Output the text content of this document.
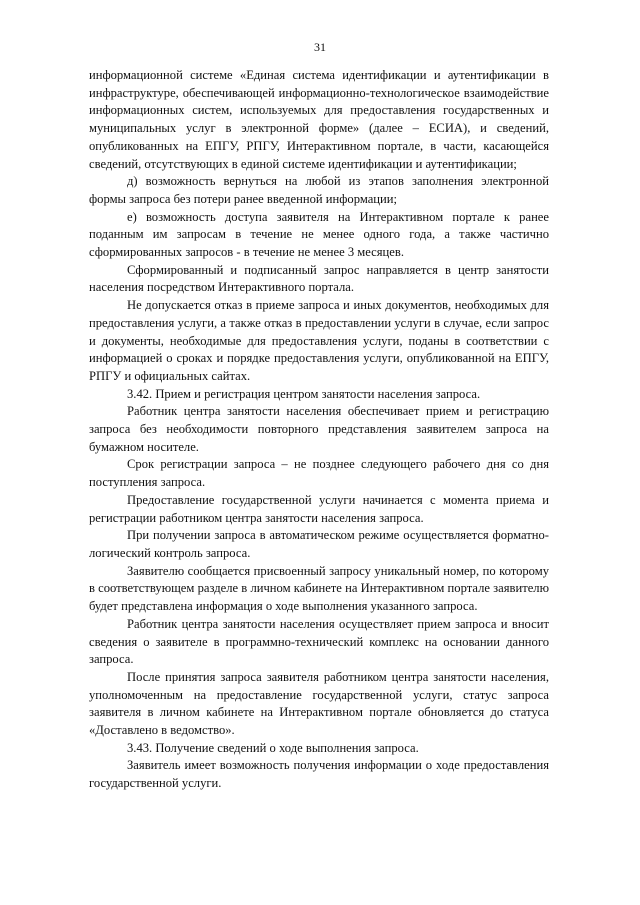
31

информационной системе «Единая система идентификации и аутентификации в инфраструктуре, обеспечивающей информационно-технологическое взаимодействие информационных систем, используемых для предоставления государственных и муниципальных услуг в электронной форме» (далее – ЕСИА), и сведений, опубликованных на ЕПГУ, РПГУ, Интерактивном портале, в части, касающейся сведений, отсутствующих в единой системе идентификации и аутентификации;

д) возможность вернуться на любой из этапов заполнения электронной формы запроса без потери ранее введенной информации;

е) возможность доступа заявителя на Интерактивном портале к ранее поданным им запросам в течение не менее одного года, а также частично сформированных запросов - в течение не менее 3 месяцев.

Сформированный и подписанный запрос направляется в центр занятости населения посредством Интерактивного портала.

Не допускается отказ в приеме запроса и иных документов, необходимых для предоставления услуги, а также отказ в предоставлении услуги в случае, если запрос и документы, необходимые для предоставления услуги, поданы в соответствии с информацией о сроках и порядке предоставления услуги, опубликованной на ЕПГУ, РПГУ и официальных сайтах.

3.42. Прием и регистрация центром занятости населения запроса.

Работник центра занятости населения обеспечивает прием и регистрацию запроса без необходимости повторного представления заявителем запроса на бумажном носителе.

Срок регистрации запроса – не позднее следующего рабочего дня со дня поступления запроса.

Предоставление государственной услуги начинается с момента приема и регистрации работником центра занятости населения запроса.

При получении запроса в автоматическом режиме осуществляется форматно-логический контроль запроса.

Заявителю сообщается присвоенный запросу уникальный номер, по которому в соответствующем разделе в личном кабинете на Интерактивном портале заявителю будет представлена информация о ходе выполнения указанного запроса.

Работник центра занятости населения осуществляет прием запроса и вносит сведения о заявителе в программно-технический комплекс на основании данного запроса.

После принятия запроса заявителя работником центра занятости населения, уполномоченным на предоставление государственной услуги, статус запроса заявителя в личном кабинете на Интерактивном портале обновляется до статуса «Доставлено в ведомство».

3.43. Получение сведений о ходе выполнения запроса.

Заявитель имеет возможность получения информации о ходе предоставления государственной услуги.
